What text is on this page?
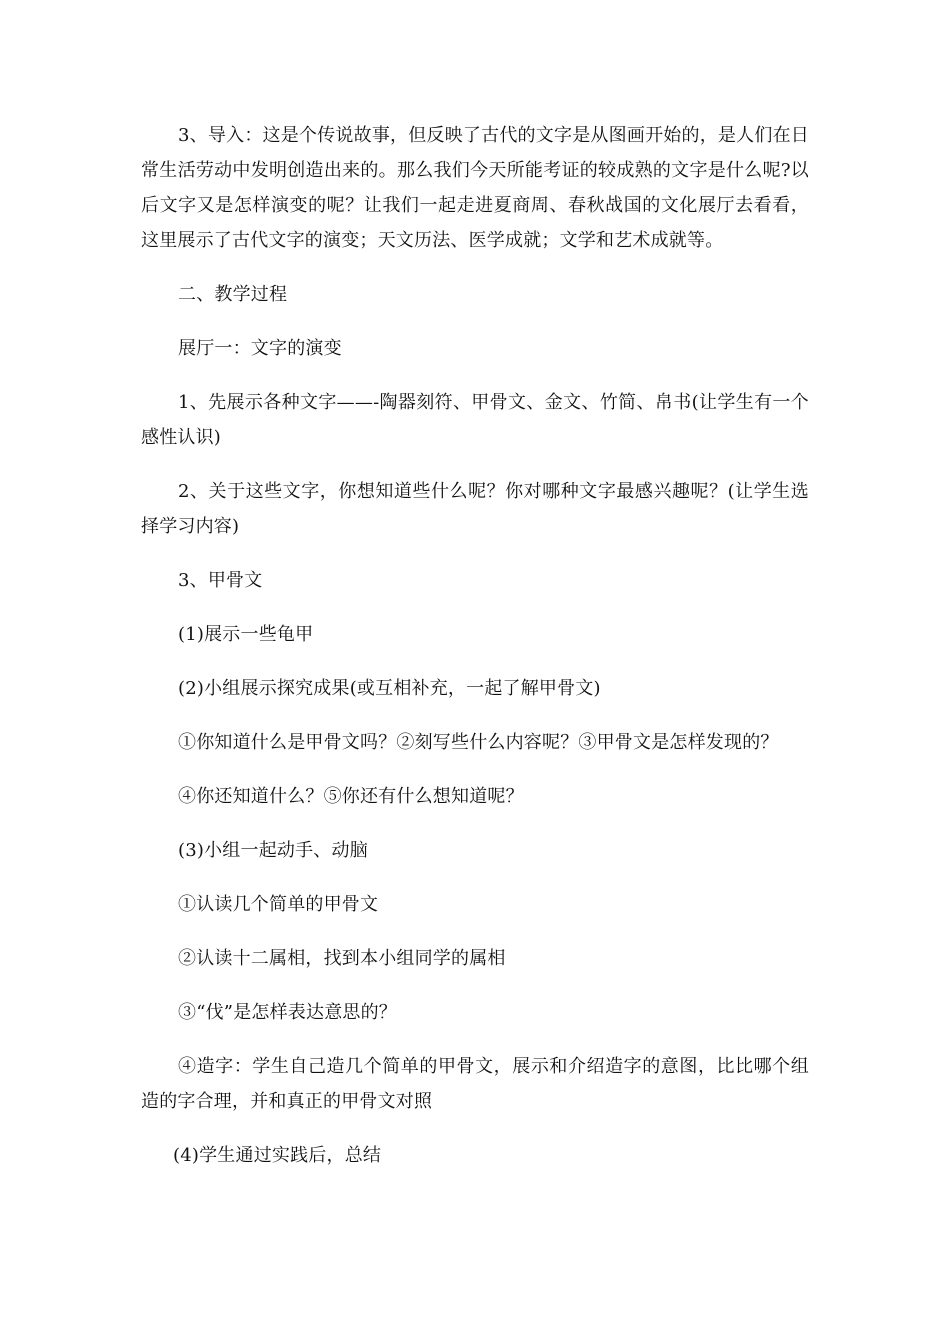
3、导入：这是个传说故事，但反映了古代的文字是从图画开始的，是人们在日常生活劳动中发明创造出来的。那么我们今天所能考证的较成熟的文字是什么呢?以后文字又是怎样演变的呢？让我们一起走进夏商周、春秋战国的文化展厅去看看，这里展示了古代文字的演变；天文历法、医学成就；文学和艺术成就等。

二、教学过程

展厅一：文字的演变

1、先展示各种文字——-陶器刻符、甲骨文、金文、竹简、帛书(让学生有一个感性认识)

2、关于这些文字，你想知道些什么呢？你对哪种文字最感兴趣呢？(让学生选择学习内容)

3、甲骨文

(1)展示一些龟甲

(2)小组展示探究成果(或互相补充，一起了解甲骨文)

①你知道什么是甲骨文吗？②刻写些什么内容呢？③甲骨文是怎样发现的？

④你还知道什么？⑤你还有什么想知道呢？

(3)小组一起动手、动脑

①认读几个简单的甲骨文

②认读十二属相，找到本小组同学的属相

③“伐”是怎样表达意思的？

④造字：学生自己造几个简单的甲骨文，展示和介绍造字的意图，比比哪个组造的字合理，并和真正的甲骨文对照

(4)学生通过实践后，总结
